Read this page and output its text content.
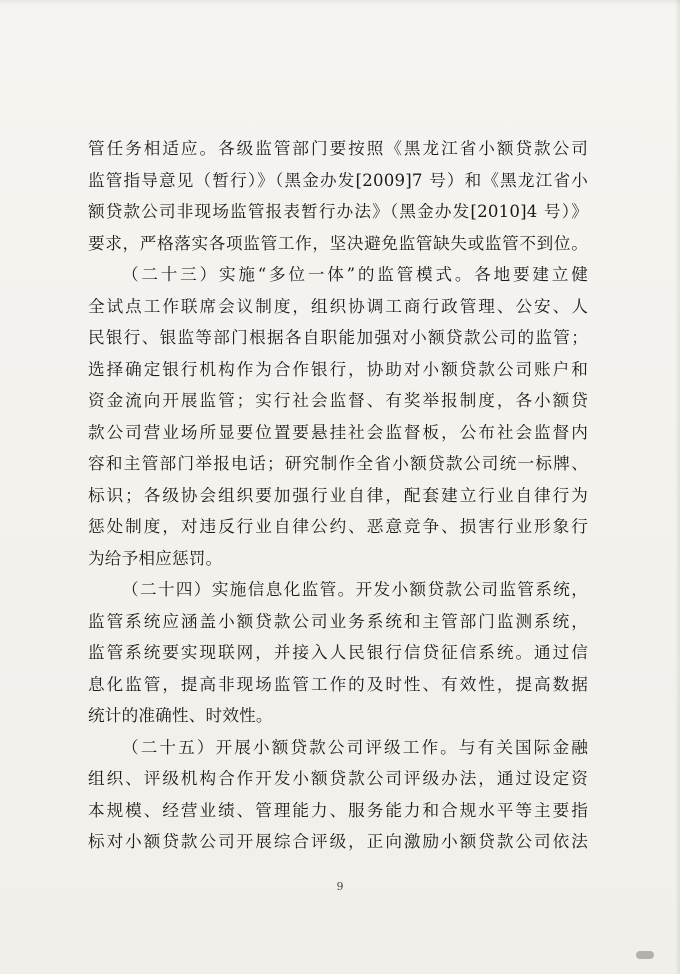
管任务相适应。各级监管部门要按照《黑龙江省小额贷款公司
监管指导意见（暂行）》（黑金办发[2009]7 号）和《黑龙江省小
额贷款公司非现场监管报表暂行办法》（黑金办发[2010]4 号）》
要求，严格落实各项监管工作，坚决避免监管缺失或监管不到位。
（二十三）实施“多位一体”的监管模式。各地要建立健
全试点工作联席会议制度，组织协调工商行政管理、公安、人
民银行、银监等部门根据各自职能加强对小额贷款公司的监管；
选择确定银行机构作为合作银行，协助对小额贷款公司账户和
资金流向开展监管；实行社会监督、有奖举报制度，各小额贷
款公司营业场所显要位置要悬挂社会监督板，公布社会监督内
容和主管部门举报电话；研究制作全省小额贷款公司统一标牌、
标识；各级协会组织要加强行业自律，配套建立行业自律行为
惩处制度，对违反行业自律公约、恶意竞争、损害行业形象行
为给予相应惩罚。
（二十四）实施信息化监管。开发小额贷款公司监管系统，
监管系统应涵盖小额贷款公司业务系统和主管部门监测系统，
监管系统要实现联网，并接入人民银行信贷征信系统。通过信
息化监管，提高非现场监管工作的及时性、有效性，提高数据
统计的准确性、时效性。
（二十五）开展小额贷款公司评级工作。与有关国际金融
组织、评级机构合作开发小额贷款公司评级办法，通过设定资
本规模、经营业绩、管理能力、服务能力和合规水平等主要指
标对小额贷款公司开展综合评级，正向激励小额贷款公司依法
9
